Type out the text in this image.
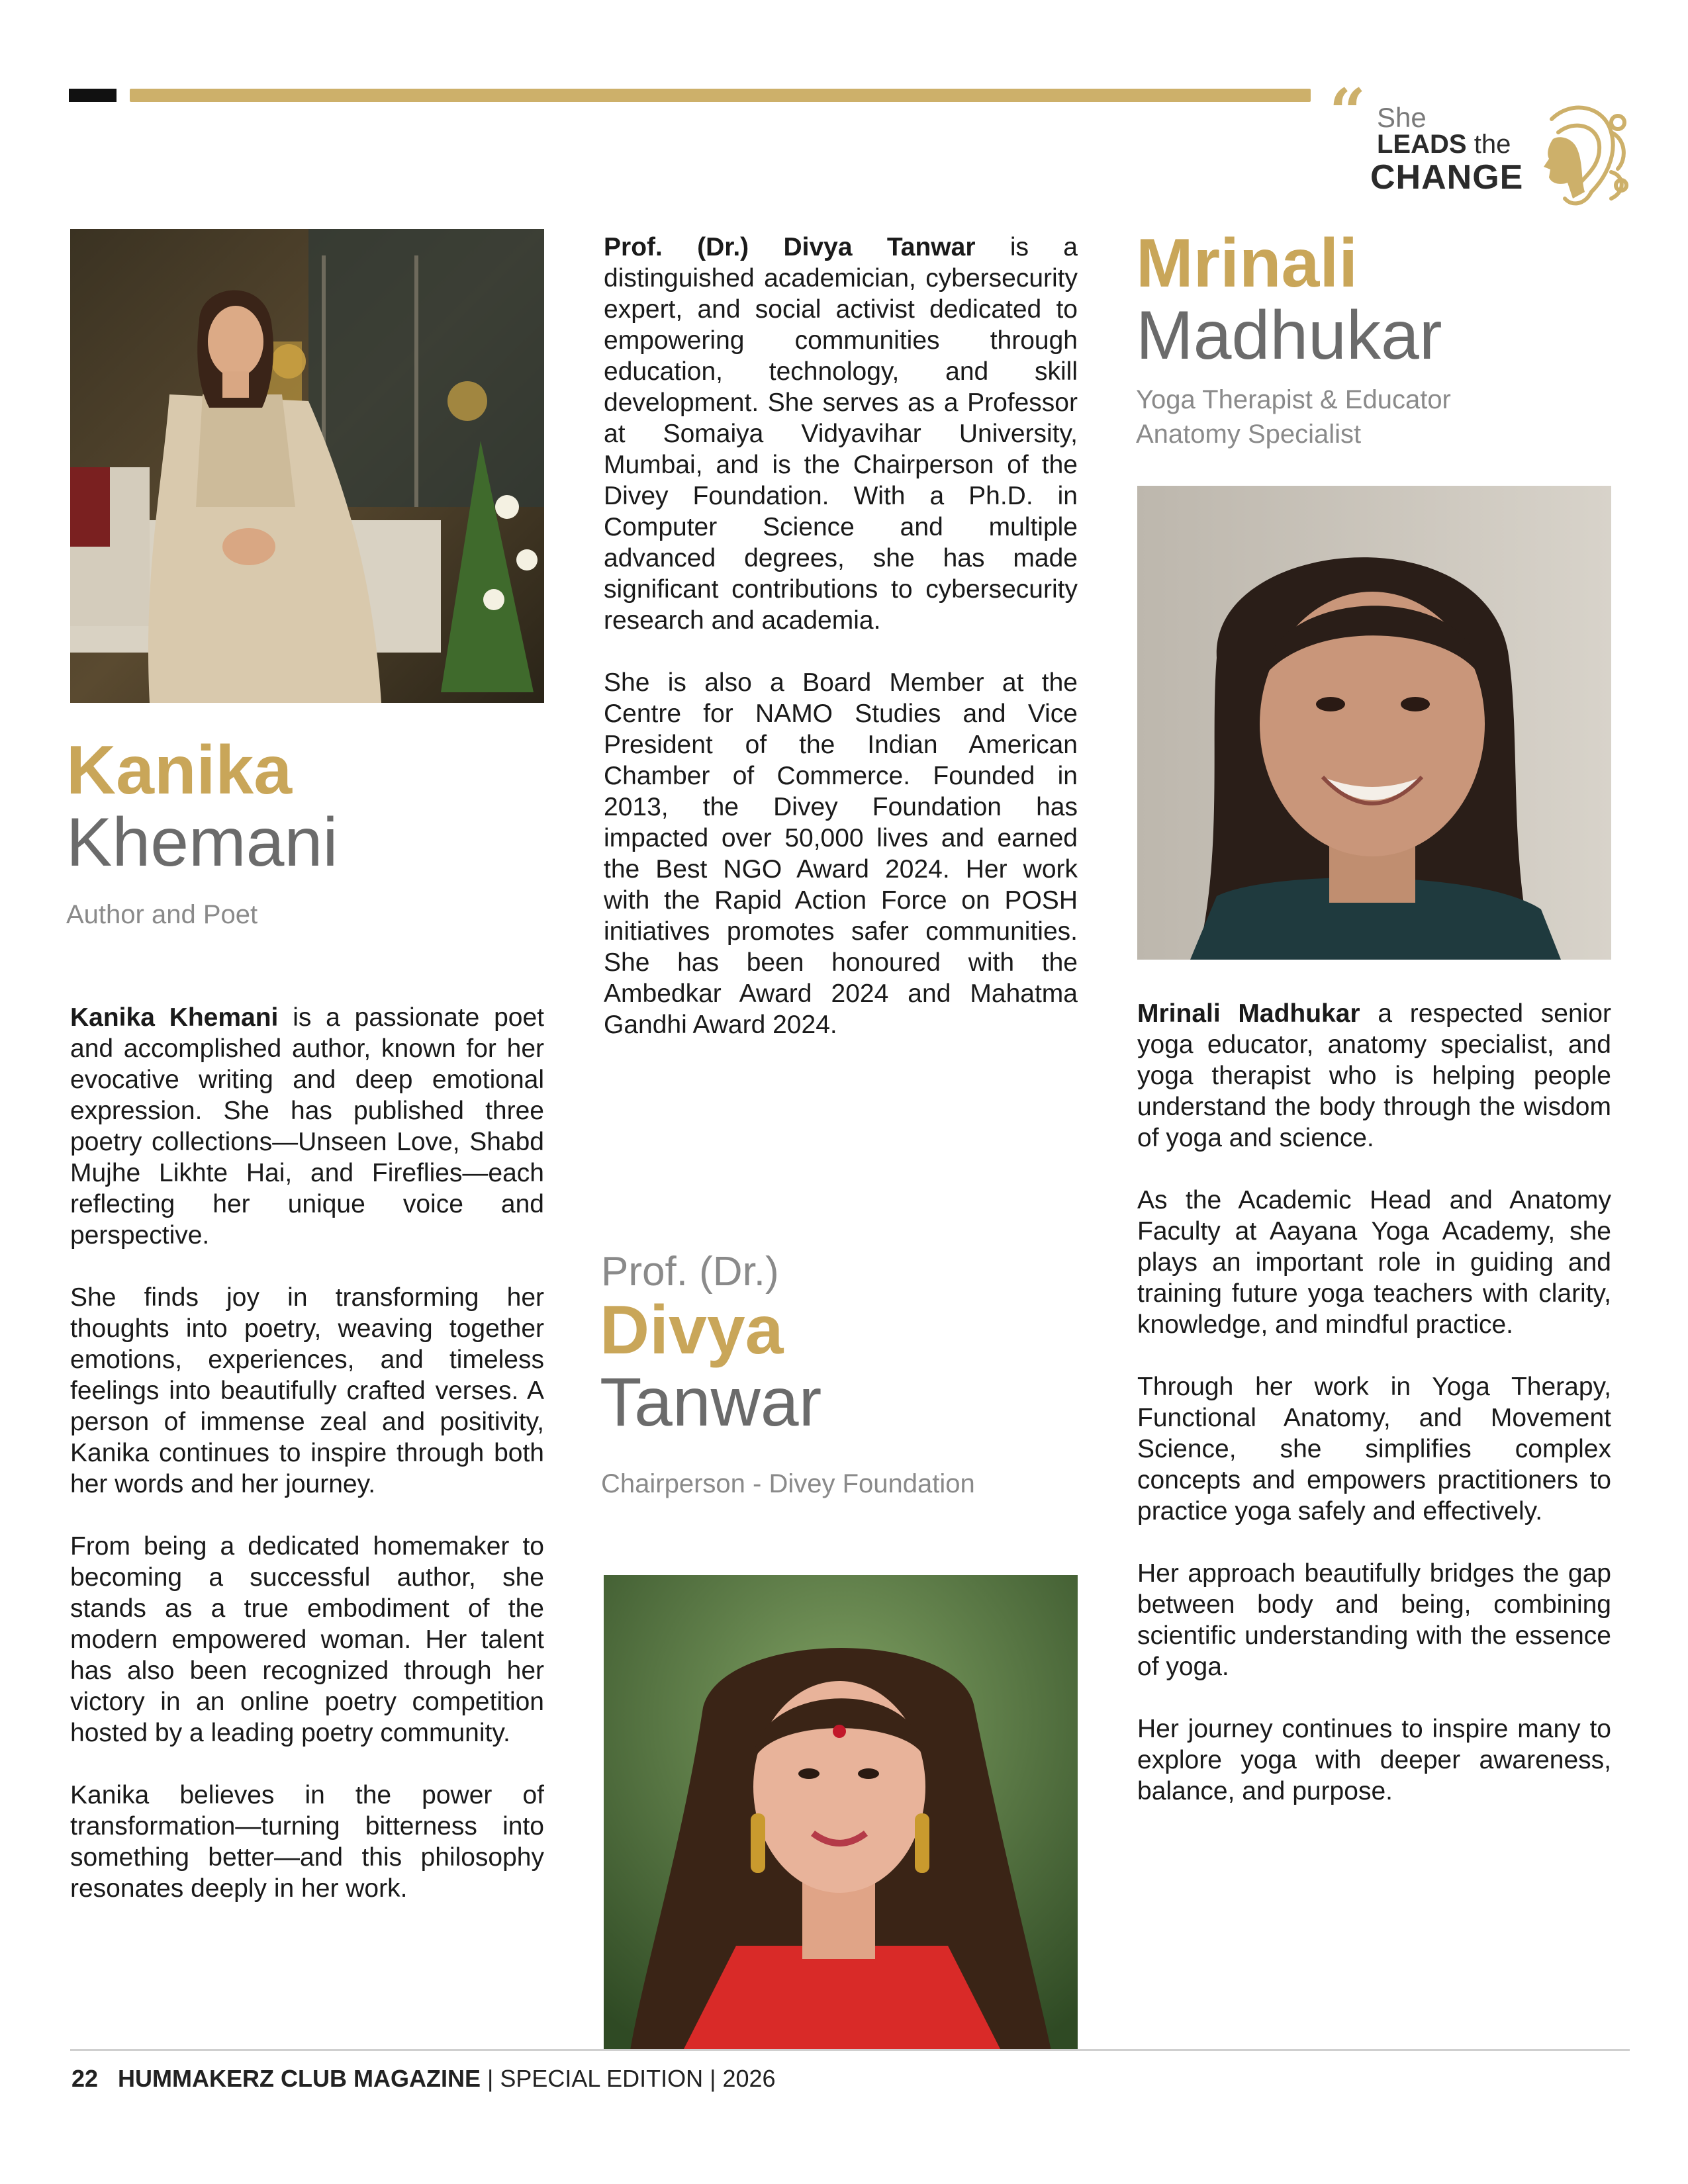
“ She
LEADS the
CHANGE
Kanika
Khemani
Author and Poet

Kanika Khemani is a passionate poet and accomplished author, known for her evocative writing and deep emotional expression. She has published three poetry collections—Unseen Love, Shabd Mujhe Likhte Hai, and Fireflies—each reflecting her unique voice and perspective.

She finds joy in transforming her thoughts into poetry, weaving together emotions, experiences, and timeless feelings into beautifully crafted verses. A person of immense zeal and positivity, Kanika continues to inspire through both her words and her journey.

From being a dedicated homemaker to becoming a successful author, she stands as a true embodiment of the modern empowered woman. Her talent has also been recognized through her victory in an online poetry competition hosted by a leading poetry community.

Kanika believes in the power of transformation—turning bitterness into something better—and this philosophy resonates deeply in her work.

Prof. (Dr.) Divya Tanwar is a distinguished academician, cybersecurity expert, and social activist dedicated to empowering communities through education, technology, and skill development. She serves as a Professor at Somaiya Vidyavihar University, Mumbai, and is the Chairperson of the Divey Foundation. With a Ph.D. in Computer Science and multiple advanced degrees, she has made significant contributions to cybersecurity research and academia.

She is also a Board Member at the Centre for NAMO Studies and Vice President of the Indian American Chamber of Commerce. Founded in 2013, the Divey Foundation has impacted over 50,000 lives and earned the Best NGO Award 2024. Her work with the Rapid Action Force on POSH initiatives promotes safer communities. She has been honoured with the Ambedkar Award 2024 and Mahatma Gandhi Award 2024.

Prof. (Dr.)
Divya
Tanwar
Chairperson - Divey Foundation
Mrinali
Madhukar
Yoga Therapist & Educator
Anatomy Specialist

Mrinali Madhukar a respected senior yoga educator, anatomy specialist, and yoga therapist who is helping people understand the body through the wisdom of yoga and science.

As the Academic Head and Anatomy Faculty at Aayana Yoga Academy, she plays an important role in guiding and training future yoga teachers with clarity, knowledge, and mindful practice.

Through her work in Yoga Therapy, Functional Anatomy, and Movement Science, she simplifies complex concepts and empowers practitioners to practice yoga safely and effectively.

Her approach beautifully bridges the gap between body and being, combining scientific understanding with the essence of yoga.

Her journey continues to inspire many to explore yoga with deeper awareness, balance, and purpose.

22 HUMMAKERZ CLUB MAGAZINE | SPECIAL EDITION | 2026
